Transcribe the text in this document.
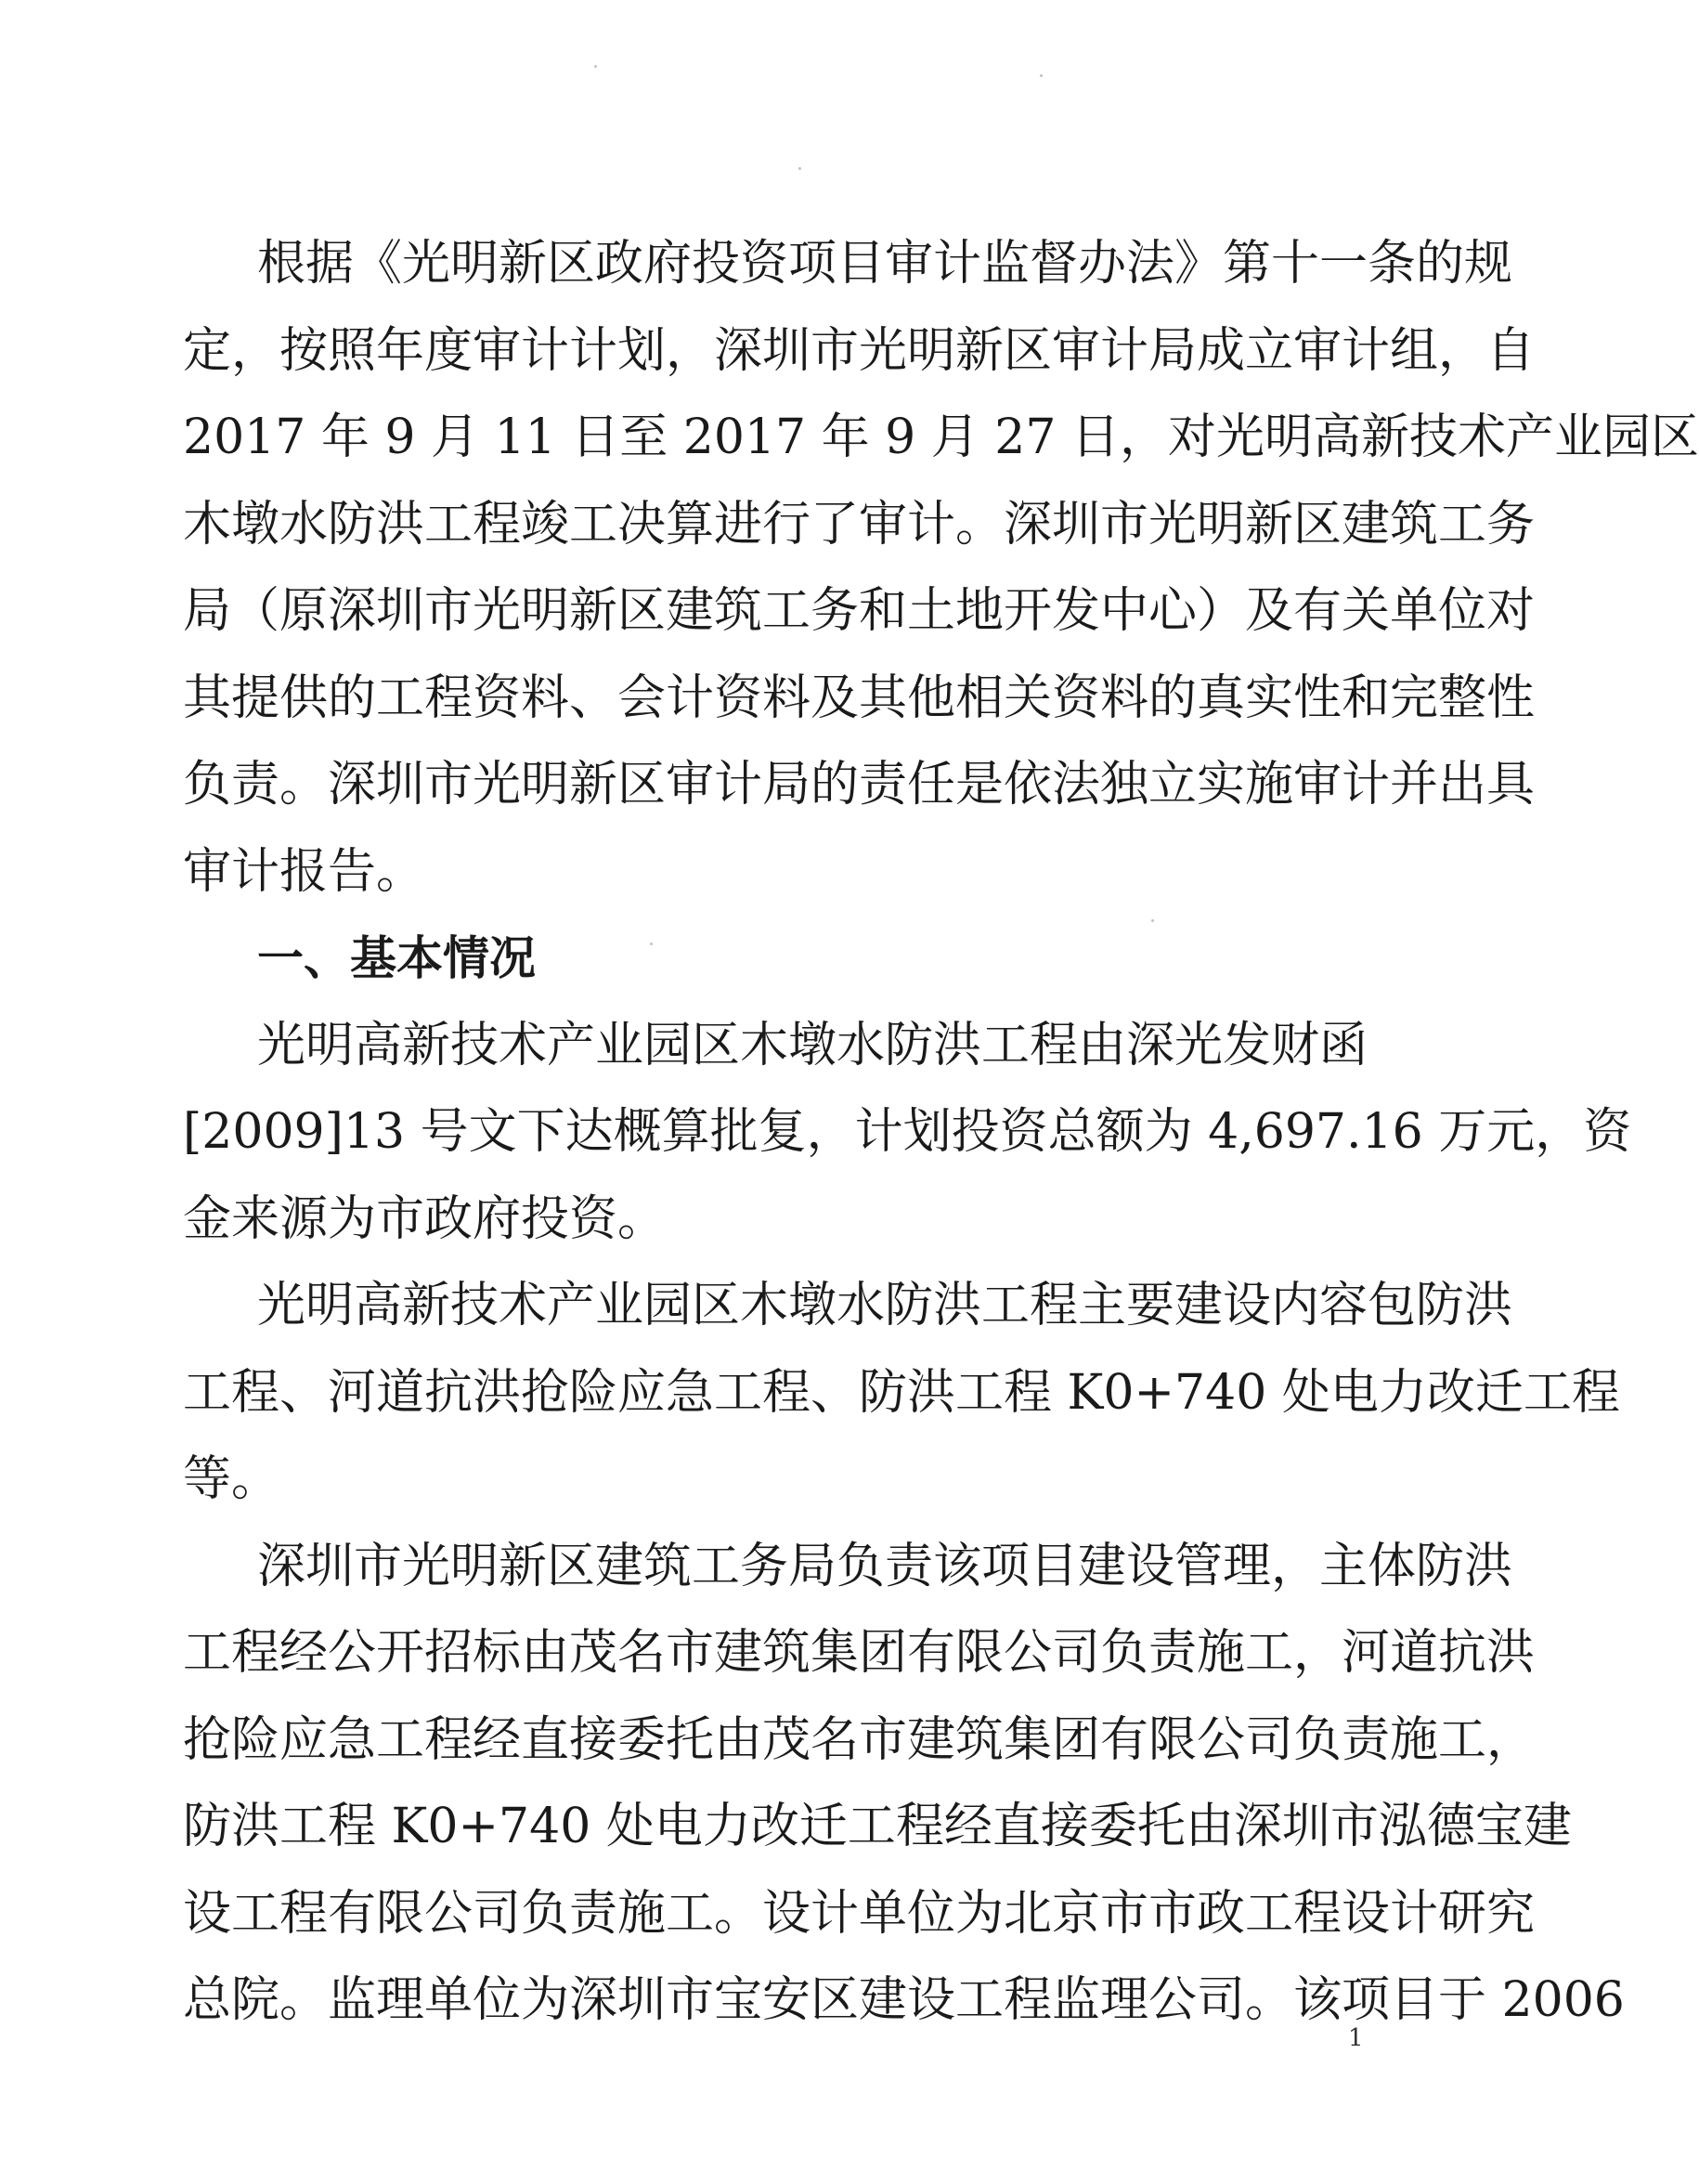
根据《光明新区政府投资项目审计监督办法》第十一条的规
定，按照年度审计计划，深圳市光明新区审计局成立审计组，自
2017 年 9 月 11 日至 2017 年 9 月 27 日，对光明高新技术产业园区
木墩水防洪工程竣工决算进行了审计。深圳市光明新区建筑工务
局（原深圳市光明新区建筑工务和土地开发中心）及有关单位对
其提供的工程资料、会计资料及其他相关资料的真实性和完整性
负责。深圳市光明新区审计局的责任是依法独立实施审计并出具
审计报告。
一、基本情况
光明高新技术产业园区木墩水防洪工程由深光发财函
[2009]13 号文下达概算批复，计划投资总额为 4,697.16 万元，资
金来源为市政府投资。
光明高新技术产业园区木墩水防洪工程主要建设内容包防洪
工程、河道抗洪抢险应急工程、防洪工程 K0+740 处电力改迁工程
等。
深圳市光明新区建筑工务局负责该项目建设管理，主体防洪
工程经公开招标由茂名市建筑集团有限公司负责施工，河道抗洪
抢险应急工程经直接委托由茂名市建筑集团有限公司负责施工，
防洪工程 K0+740 处电力改迁工程经直接委托由深圳市泓德宝建
1
设工程有限公司负责施工。设计单位为北京市市政工程设计研究
总院。监理单位为深圳市宝安区建设工程监理公司。该项目于 2006
